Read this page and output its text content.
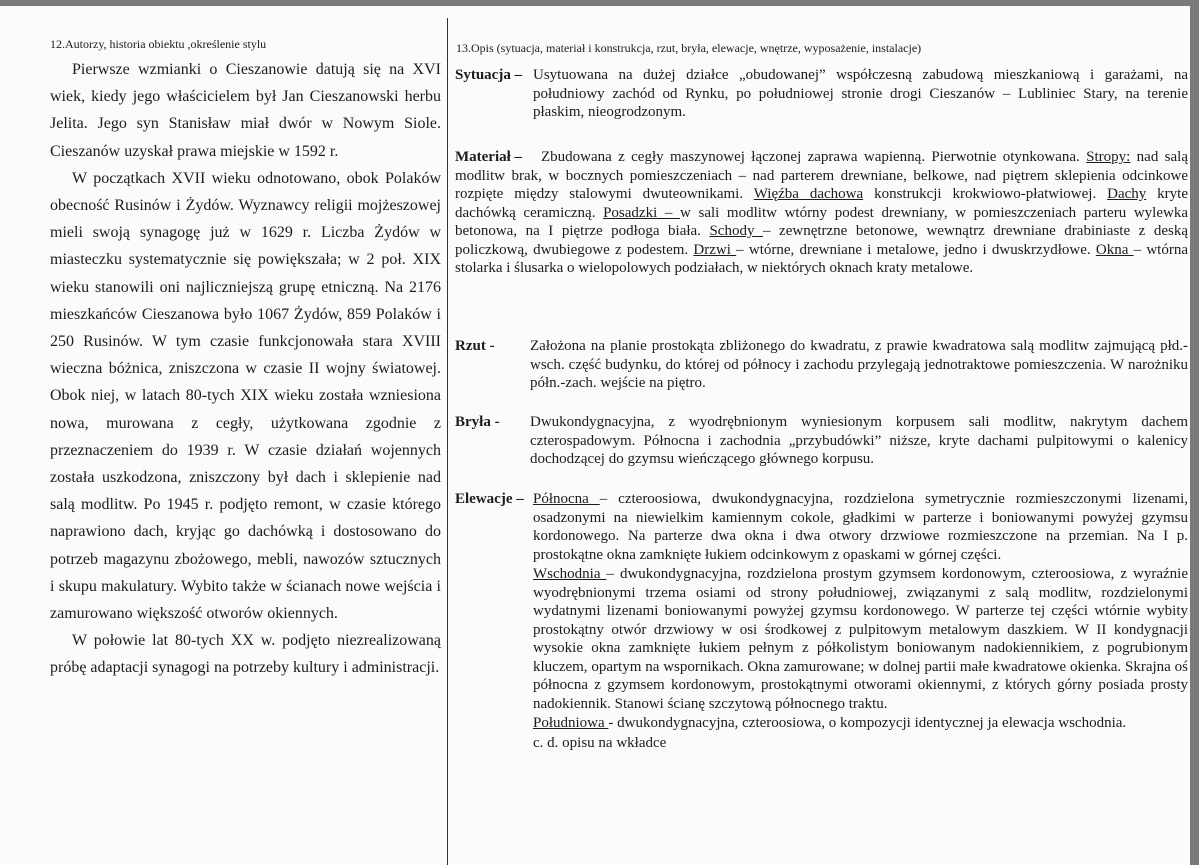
12.Autorzy, historia obiektu ,określenie stylu	13.Opis (sytuacja, materiał i konstrukcja, rzut, bryła, elewacje, wnętrze, wyposażenie, instalacje)

Pierwsze wzmianki o Cieszanowie datują się na XVI wiek, kiedy jego właścicielem był Jan Cieszanowski herbu Jelita. Jego syn Stanisław miał dwór w Nowym Siole. Cieszanów uzyskał prawa miejskie w 1592 r.

W początkach XVII wieku odnotowano, obok Polaków obecność Rusinów i Żydów. Wyznawcy religii mojżeszowej mieli swoją synagogę już w 1629 r. Liczba Żydów w miasteczku systematycznie się powiększała; w 2 poł. XIX wieku stanowili oni najliczniejszą grupę etniczną. Na 2176 mieszkańców Cieszanowa było 1067 Żydów, 859 Polaków i 250 Rusinów. W tym czasie funkcjonowała stara XVIII wieczna bóżnica, zniszczona w czasie II wojny światowej. Obok niej, w latach 80-tych XIX wieku została wzniesiona nowa, murowana z cegły, użytkowana zgodnie z przeznaczeniem do 1939 r. W czasie działań wojennych została uszkodzona, zniszczony był dach i sklepienie nad salą modlitw. Po 1945 r. podjęto remont, w czasie którego naprawiono dach, kryjąc go dachówką i dostosowano do potrzeb magazynu zbożowego, mebli, nawozów sztucznych i skupu makulatury. Wybito także w ścianach nowe wejścia i zamurowano większość otworów okiennych.

W połowie lat 80-tych XX w. podjęto niezrealizowaną próbę adaptacji synagogi na potrzeby kultury i administracji.

Sytuacja – Usytuowana na dużej działce „obudowanej” współczesną zabudową mieszkaniową i garażami, na południowy zachód od Rynku, po południowej stronie drogi Cieszanów – Lubliniec Stary, na terenie płaskim, nieogrodzonym.
Materiał –	Zbudowana z cegły maszynowej łączonej zaprawa wapienną. Pierwotnie otynkowana. Stropy: nad salą modlitw brak, w bocznych pomieszczeniach – nad parterem drewniane, belkowe, nad piętrem sklepienia odcinkowe rozpięte między stalowymi dwuteownikami. Więźba dachowa konstrukcji krokwiowo-płatwiowej. Dachy kryte dachówką ceramiczną. Posadzki – w sali modlitw wtórny podest drewniany, w pomieszczeniach parteru wylewka betonowa, na I piętrze podłoga biała. Schody – zewnętrzne betonowe, wewnątrz drewniane drabiniaste z deską policzkową, dwubiegowe z podestem. Drzwi – wtórne, drewniane i metalowe, jedno i dwuskrzydłowe. Okna – wtórna stolarka i ślusarka o wielopolowych podziałach, w niektórych oknach kraty metalowe.
Rzut - Założona na planie prostokąta zbliżonego do kwadratu, z prawie kwadratowa salą modlitw zajmującą płd.-wsch. część budynku, do której od północy i zachodu przylegają jednotraktowe pomieszczenia. W narożniku półn.-zach. wejście na piętro.
Bryła - Dwukondygnacyjna, z wyodrębnionym wyniesionym korpusem sali modlitw, nakrytym dachem czterospadowym. Północna i zachodnia „przybudówki” niższe, kryte dachami pulpitowymi o kalenicy dochodzącej do gzymsu wieńczącego głównego korpusu.
Elewacje – Północna – czteroosiowa, dwukondygnacyjna, rozdzielona symetrycznie rozmieszczonymi lizenami, osadzonymi na niewielkim kamiennym cokole, gładkimi w parterze i boniowanymi powyżej gzymsu kordonowego. Na parterze dwa okna i dwa otwory drzwiowe rozmieszczone na przemian. Na I p. prostokątne okna zamknięte łukiem odcinkowym z opaskami w górnej części.

Wschodnia – dwukondygnacyjna, rozdzielona prostym gzymsem kordonowym, czteroosiowa, z wyraźnie wyodrębnionymi trzema osiami od strony południowej, związanymi z salą modlitw, rozdzielonymi wydatnymi lizenami boniowanymi powyżej gzymsu kordonowego. W parterze tej części wtórnie wybity prostokątny otwór drzwiowy w osi środkowej z pulpitowym metalowym daszkiem. W II kondygnacji wysokie okna zamknięte łukiem pełnym z półkolistym boniowanym nadokiennikiem, z pogrubionym kluczem, opartym na wspornikach. Okna zamurowane; w dolnej partii małe kwadratowe okienka. Skrajna oś północna z gzymsem kordonowym, prostokątnymi otworami okiennymi, z których górny posiada prosty nadokiennik. Stanowi ścianę szczytową północnego traktu.

Południowa - dwukondygnacyjna, czteroosiowa, o kompozycji identycznej ja elewacja wschodnia.

c. d. opisu na wkładce
